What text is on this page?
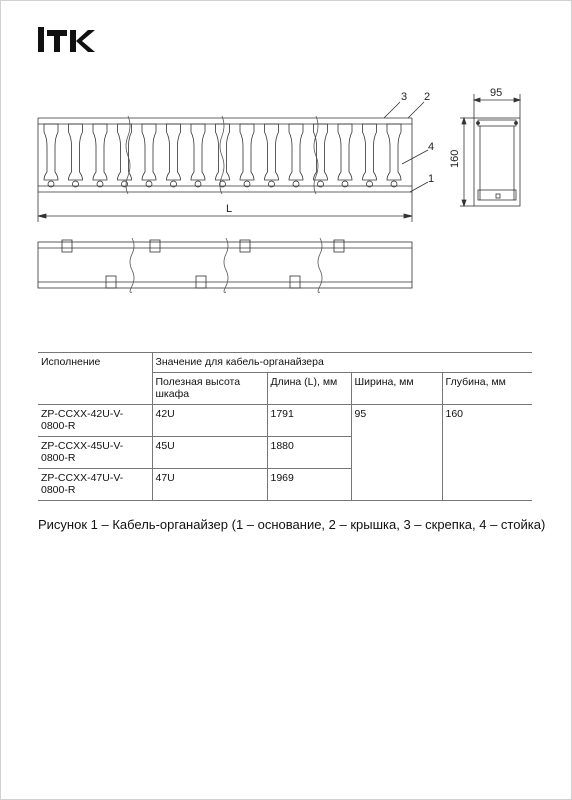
3 2
4
1
L
95
160
Исполнение	Значение для кабель-органайзера			
	Полезная высота шкафа	Длина (L), мм	Ширина, мм	Глубина, мм
ZP-CCXX-42U-V-0800-R	42U	1791	95	160
ZP-CCXX-45U-V-0800-R	45U	1880		
ZP-CCXX-47U-V-0800-R	47U	1969		
Рисунок 1 – Кабель-органайзер (1 – основание, 2 – крышка, 3 – скрепка, 4 – стойка)
